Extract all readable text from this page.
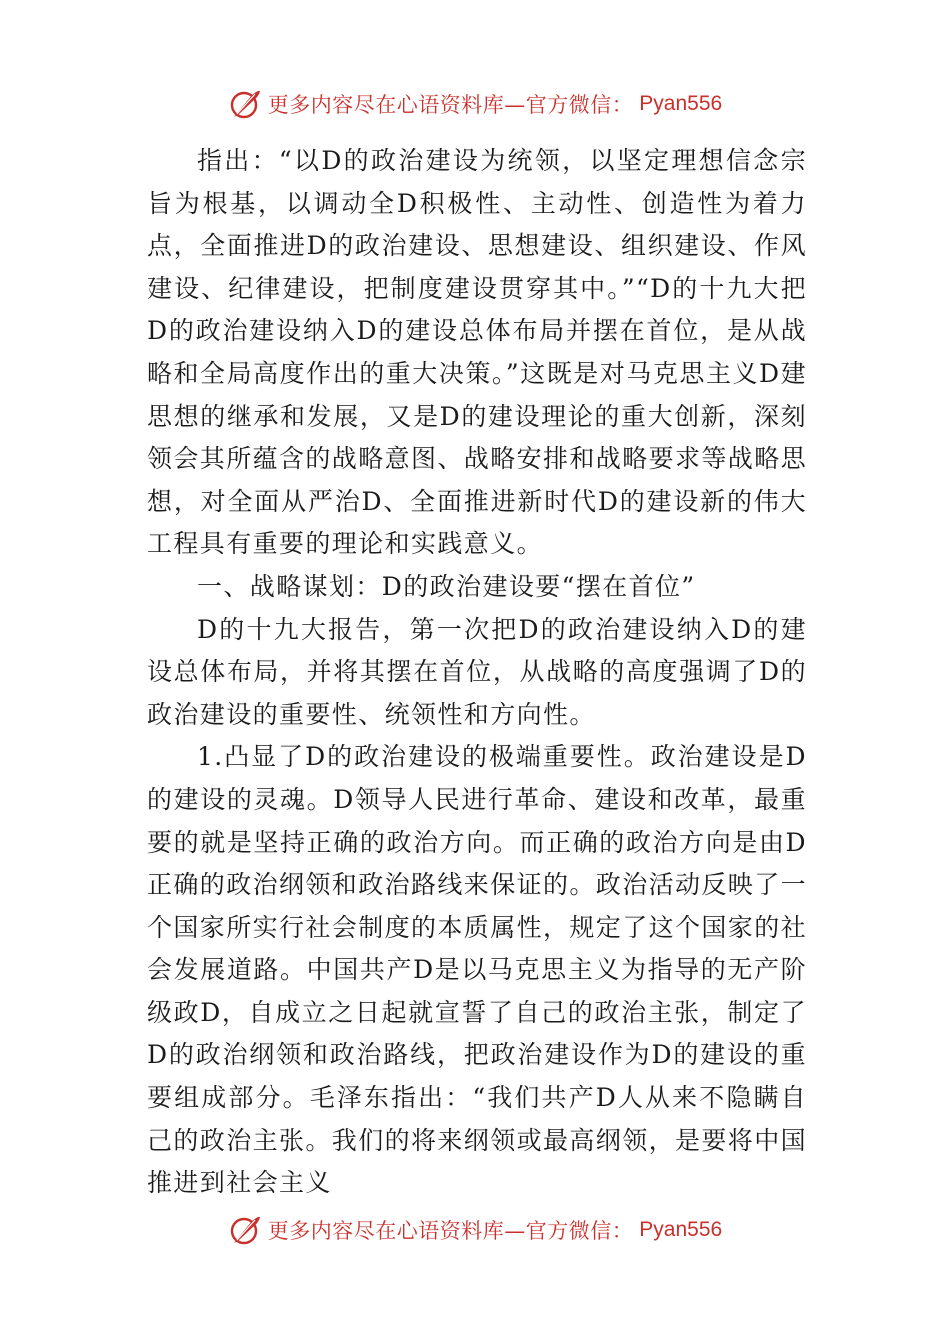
更多内容尽在心语资料库—官方微信： Pyan556

指出：“以D的政治建设为统领，以坚定理想信念宗旨为根基，以调动全D积极性、主动性、创造性为着力点，全面推进D的政治建设、思想建设、组织建设、作风建设、纪律建设，把制度建设贯穿其中。”“D的十九大把D的政治建设纳入D的建设总体布局并摆在首位，是从战略和全局高度作出的重大决策。”这既是对马克思主义D建思想的继承和发展，又是D的建设理论的重大创新，深刻领会其所蕴含的战略意图、战略安排和战略要求等战略思想，对全面从严治D、全面推进新时代D的建设新的伟大工程具有重要的理论和实践意义。

一、战略谋划：D的政治建设要“摆在首位”

D的十九大报告，第一次把D的政治建设纳入D的建设总体布局，并将其摆在首位，从战略的高度强调了D的政治建设的重要性、统领性和方向性。

1.凸显了D的政治建设的极端重要性。政治建设是D的建设的灵魂。D领导人民进行革命、建设和改革，最重要的就是坚持正确的政治方向。而正确的政治方向是由D正确的政治纲领和政治路线来保证的。政治活动反映了一个国家所实行社会制度的本质属性，规定了这个国家的社会发展道路。中国共产D是以马克思主义为指导的无产阶级政D，自成立之日起就宣誓了自己的政治主张，制定了D的政治纲领和政治路线，把政治建设作为D的建设的重要组成部分。毛泽东指出：“我们共产D人从来不隐瞒自己的政治主张。我们的将来纲领或最高纲领，是要将中国推进到社会主义

更多内容尽在心语资料库—官方微信： Pyan556
